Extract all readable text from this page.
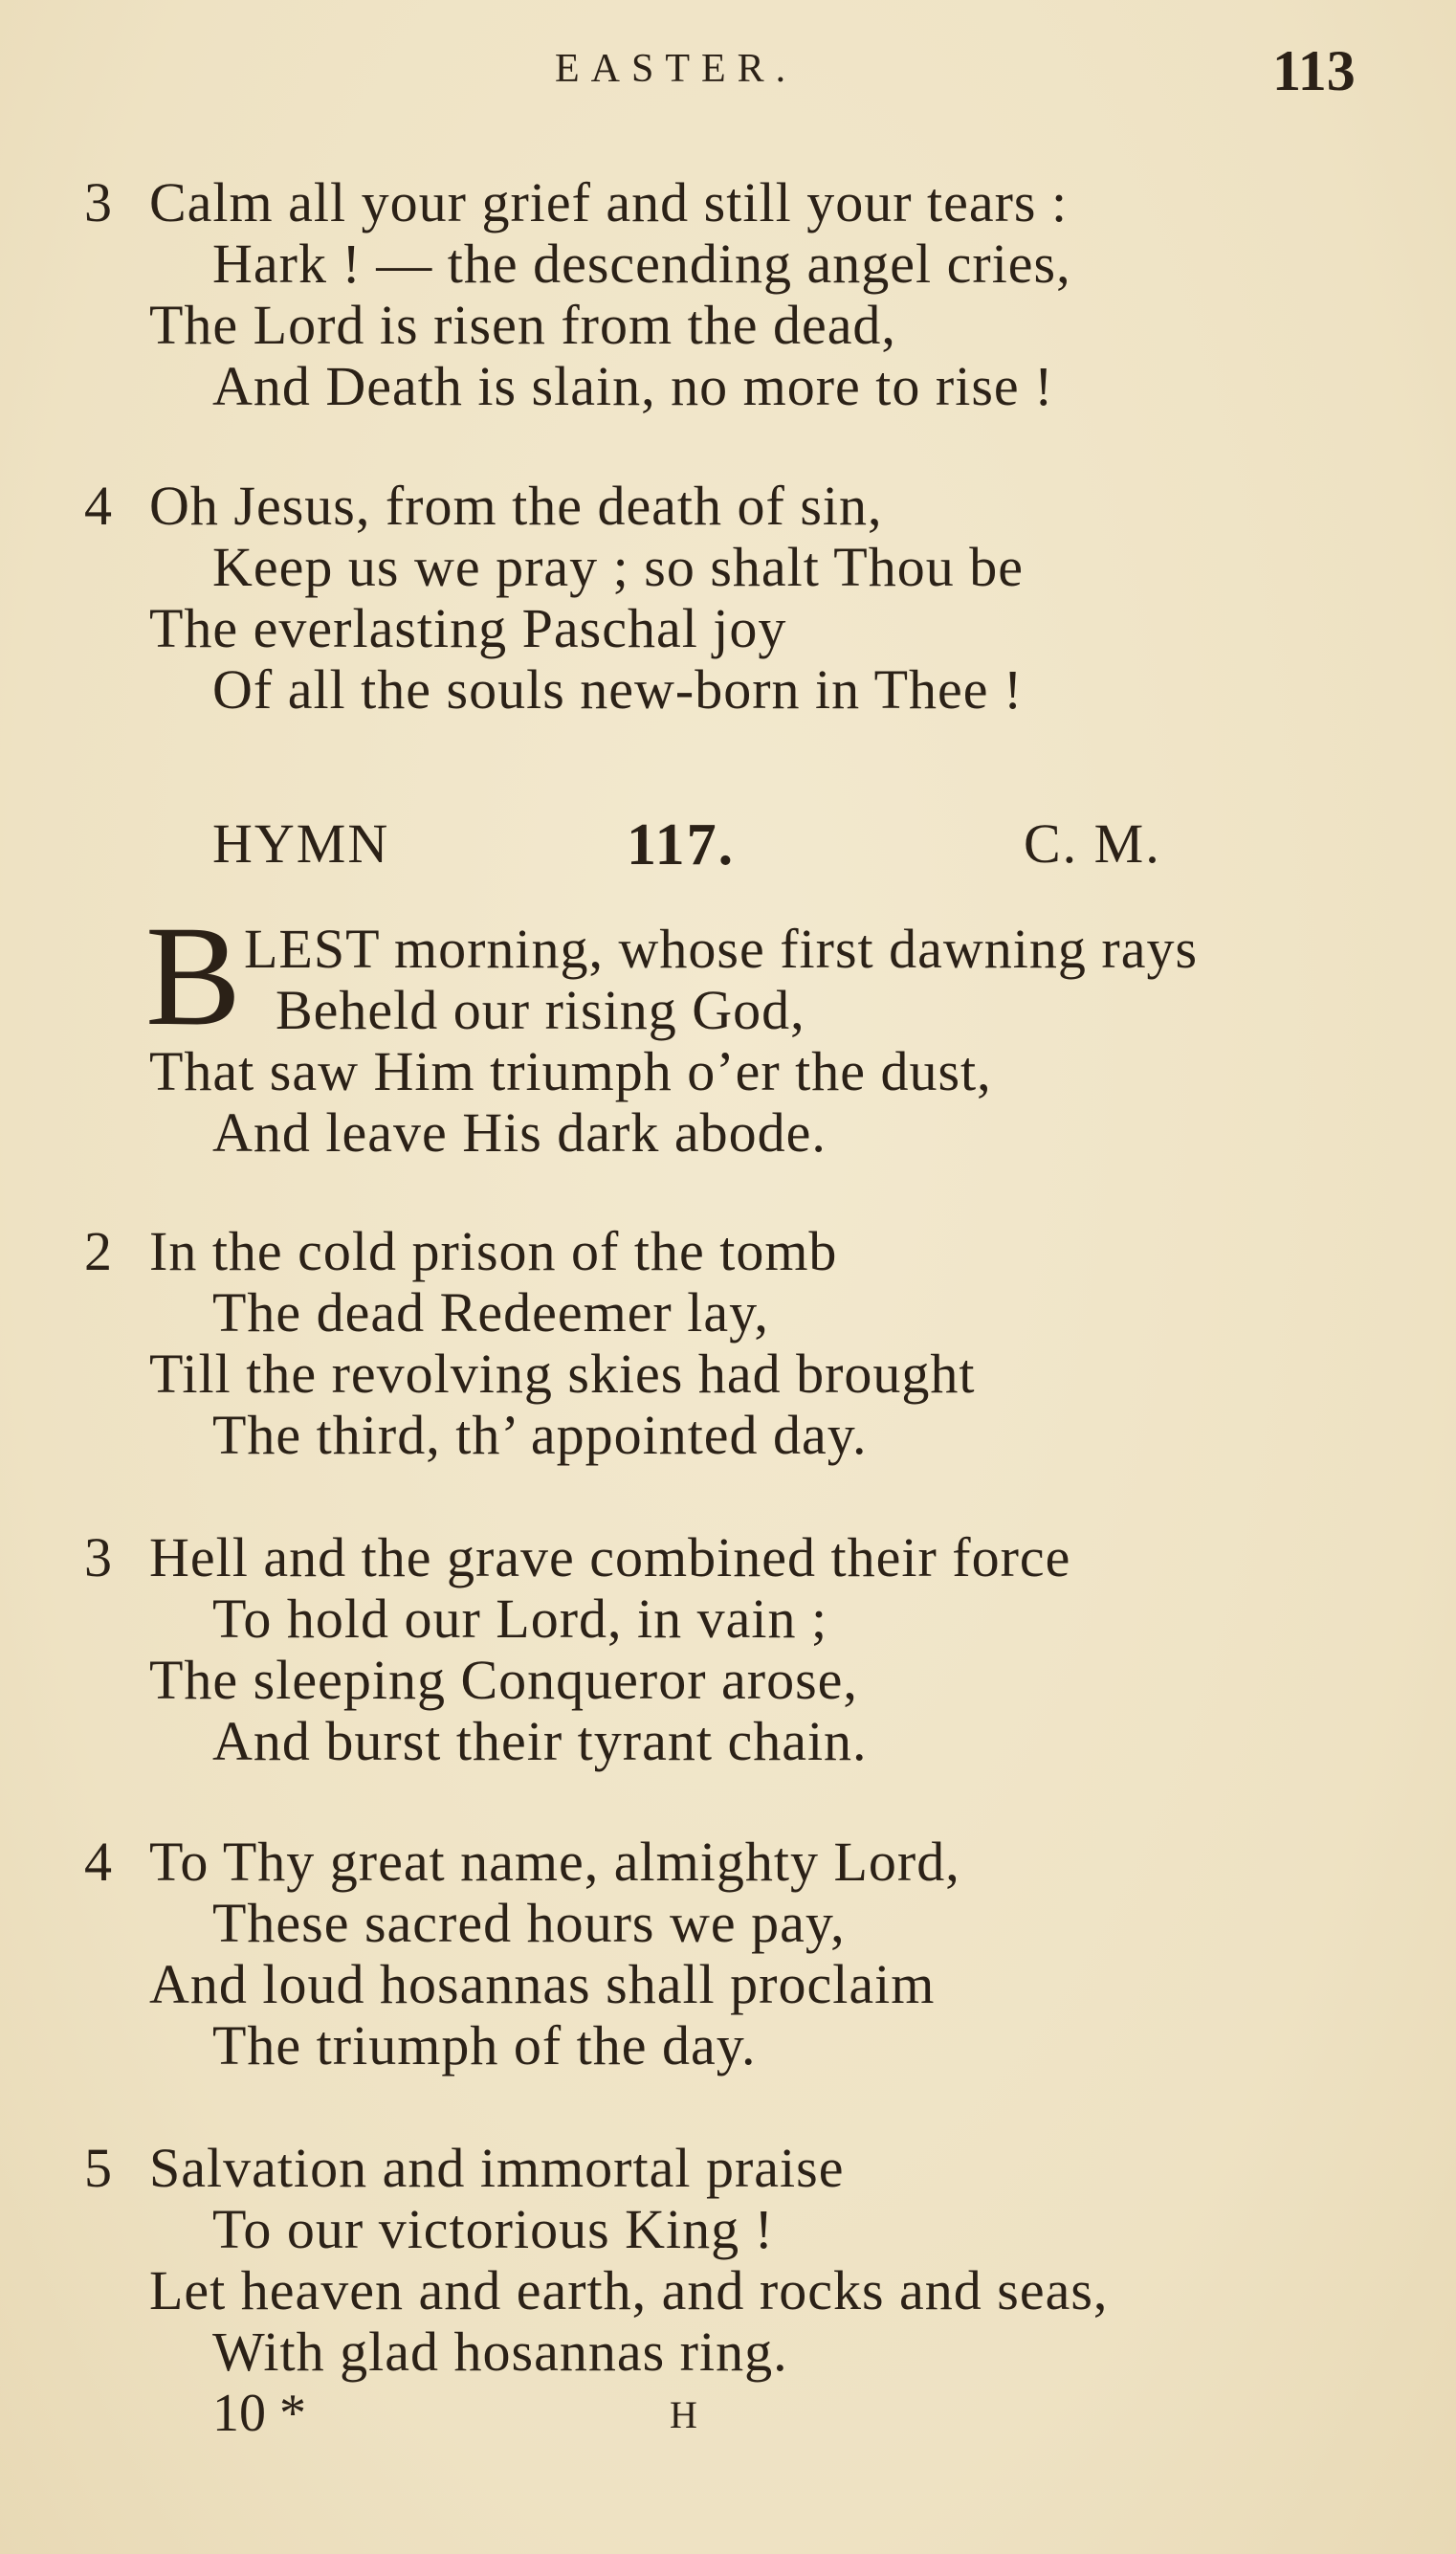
EASTER.	113
3 Calm all your grief and still your tears :
Hark ! — the descending angel cries,
The Lord is risen from the dead,
And Death is slain, no more to rise !
4 Oh Jesus, from the death of sin,
Keep us we pray ; so shalt Thou be
The everlasting Paschal joy
Of all the souls new-born in Thee !
HYMN	117.	C. M.
B LEST morning, whose first dawning rays
Beheld our rising God,
That saw Him triumph o’er the dust,
And leave His dark abode.
2 In the cold prison of the tomb
The dead Redeemer lay,
Till the revolving skies had brought
The third, th’ appointed day.
3 Hell and the grave combined their force
To hold our Lord, in vain ;
The sleeping Conqueror arose,
And burst their tyrant chain.
4 To Thy great name, almighty Lord,
These sacred hours we pay,
And loud hosannas shall proclaim
The triumph of the day.
5 Salvation and immortal praise
To our victorious King !
Let heaven and earth, and rocks and seas,
With glad hosannas ring.
10 *	H
